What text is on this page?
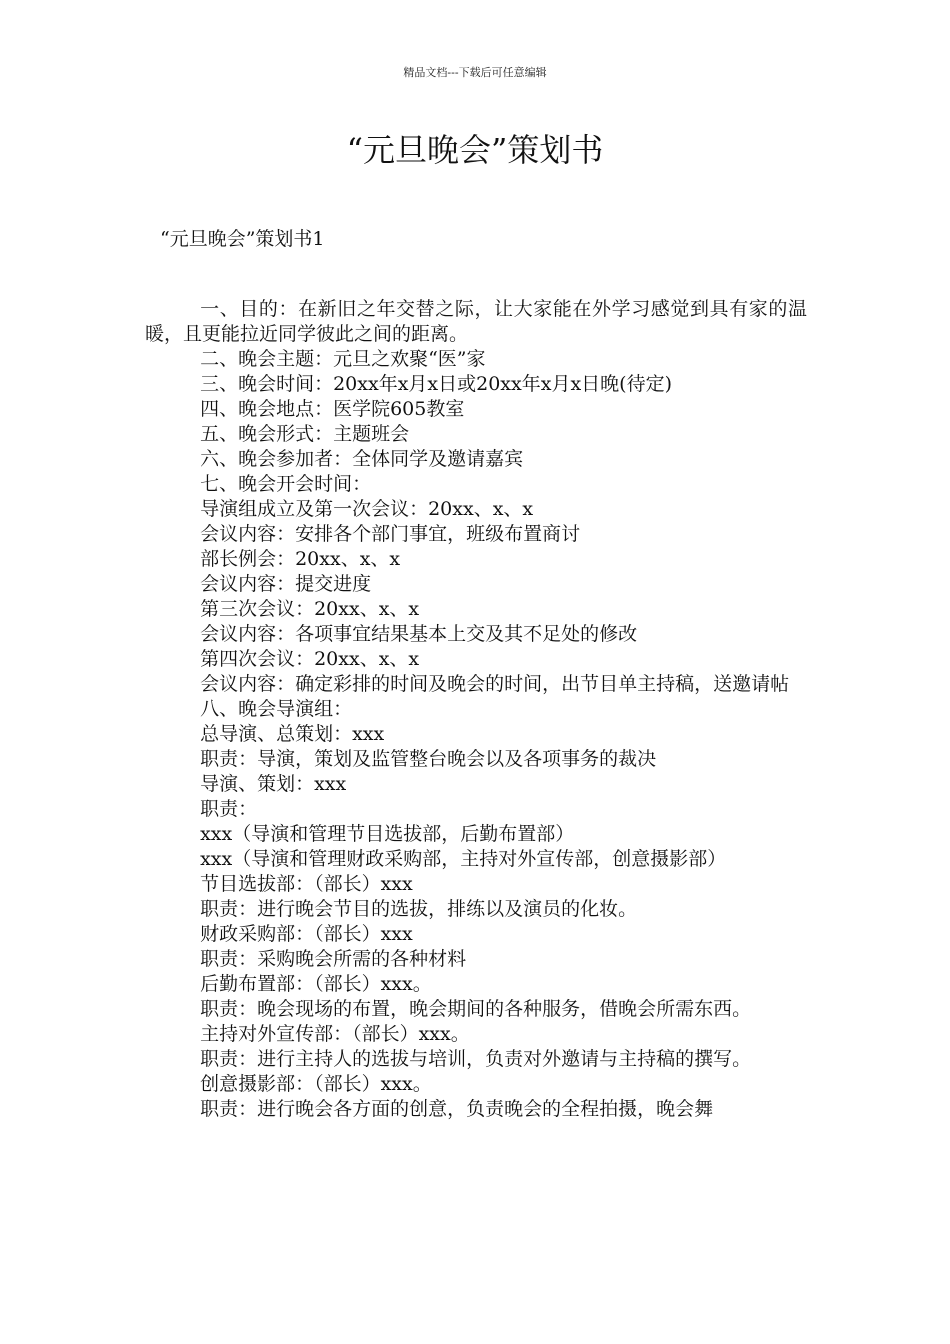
精品文档---下载后可任意编辑
“元旦晚会”策划书
“元旦晚会”策划书1

一、目的：在新旧之年交替之际，让大家能在外学习感觉到具有家的温暖，且更能拉近同学彼此之间的距离。

二、晚会主题：元旦之欢聚“医”家

三、晚会时间：20xx年x月x日或20xx年x月x日晚(待定)

四、晚会地点：医学院605教室

五、晚会形式：主题班会

六、晚会参加者：全体同学及邀请嘉宾

七、晚会开会时间：

导演组成立及第一次会议：20xx、x、x

会议内容：安排各个部门事宜，班级布置商讨

部长例会：20xx、x、x

会议内容：提交进度

第三次会议：20xx、x、x

会议内容：各项事宜结果基本上交及其不足处的修改

第四次会议：20xx、x、x

会议内容：确定彩排的时间及晚会的时间，出节目单主持稿，送邀请帖

八、晚会导演组：

总导演、总策划：xxx

职责：导演，策划及监管整台晚会以及各项事务的裁决

导演、策划：xxx

职责：

xxx（导演和管理节目选拔部，后勤布置部）

xxx（导演和管理财政采购部，主持对外宣传部，创意摄影部）

节目选拔部：（部长）xxx

职责：进行晚会节目的选拔，排练以及演员的化妆。

财政采购部：（部长）xxx

职责：采购晚会所需的各种材料

后勤布置部：（部长）xxx。

职责：晚会现场的布置，晚会期间的各种服务，借晚会所需东西。

主持对外宣传部：（部长）xxx。

职责：进行主持人的选拔与培训，负责对外邀请与主持稿的撰写。

创意摄影部：（部长）xxx。

职责：进行晚会各方面的创意，负责晚会的全程拍摄，晚会舞
